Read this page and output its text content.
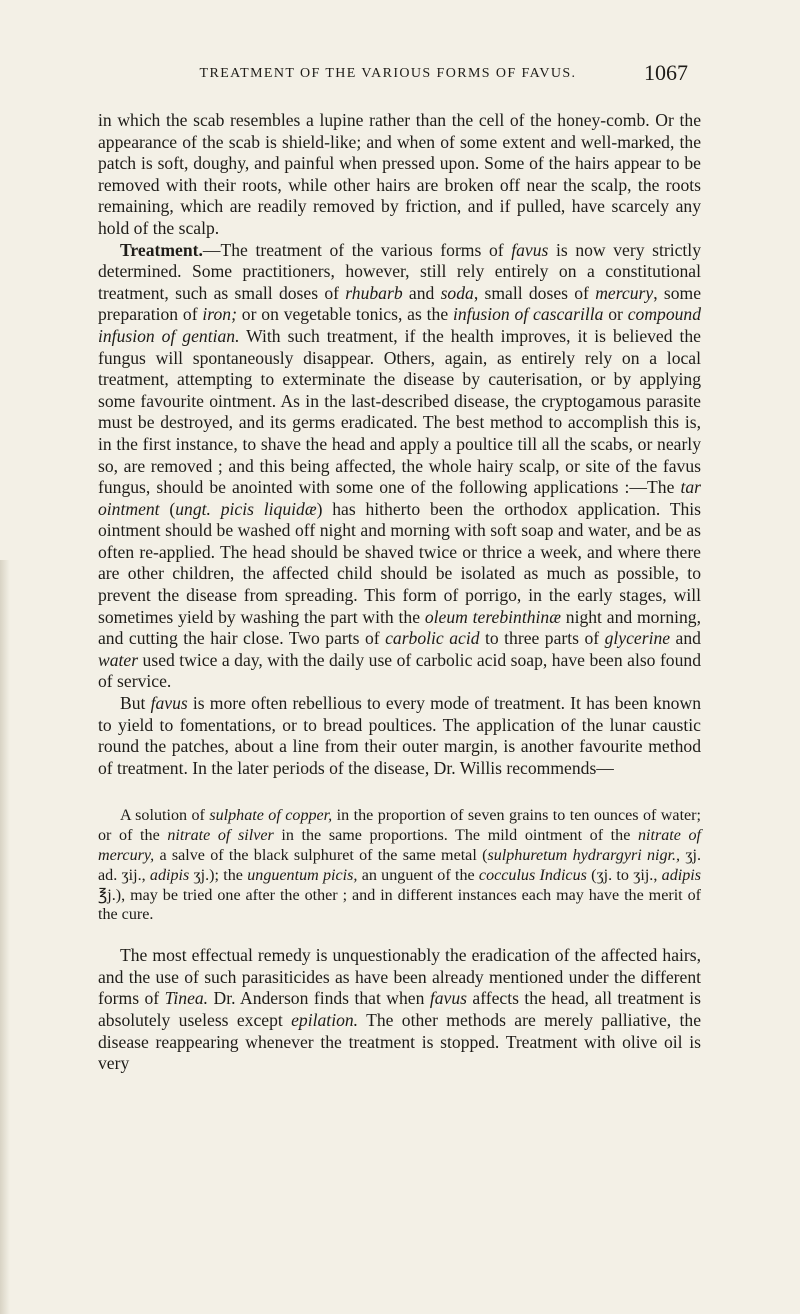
TREATMENT OF THE VARIOUS FORMS OF FAVUS.	1067

in which the scab resembles a lupine rather than the cell of the honey-comb. Or the appearance of the scab is shield-like; and when of some extent and well-marked, the patch is soft, doughy, and painful when pressed upon. Some of the hairs appear to be removed with their roots, while other hairs are broken off near the scalp, the roots remaining, which are readily removed by friction, and if pulled, have scarcely any hold of the scalp.

Treatment.—The treatment of the various forms of favus is now very strictly determined. Some practitioners, however, still rely entirely on a constitutional treatment, such as small doses of rhubarb and soda, small doses of mercury, some preparation of iron; or on vegetable tonics, as the infusion of cascarilla or compound infusion of gentian. With such treatment, if the health improves, it is believed the fungus will spontaneously disappear. Others, again, as entirely rely on a local treatment, attempting to exterminate the disease by cauterisation, or by applying some favourite ointment. As in the last-described disease, the cryptogamous parasite must be destroyed, and its germs eradicated. The best method to accomplish this is, in the first instance, to shave the head and apply a poultice till all the scabs, or nearly so, are removed ; and this being affected, the whole hairy scalp, or site of the favus fungus, should be anointed with some one of the following applications :—The tar ointment (ungt. picis liquidæ) has hitherto been the orthodox application. This ointment should be washed off night and morning with soft soap and water, and be as often re-applied. The head should be shaved twice or thrice a week, and where there are other children, the affected child should be isolated as much as possible, to prevent the disease from spreading. This form of porrigo, in the early stages, will sometimes yield by washing the part with the oleum terebinthinæ night and morning, and cutting the hair close. Two parts of carbolic acid to three parts of glycerine and water used twice a day, with the daily use of carbolic acid soap, have been also found of service.

But favus is more often rebellious to every mode of treatment. It has been known to yield to fomentations, or to bread poultices. The application of the lunar caustic round the patches, about a line from their outer margin, is another favourite method of treatment. In the later periods of the disease, Dr. Willis recommends—

A solution of sulphate of copper, in the proportion of seven grains to ten ounces of water; or of the nitrate of silver in the same proportions. The mild ointment of the nitrate of mercury, a salve of the black sulphuret of the same metal (sulphuretum hydrargyri nigr., ʒj. ad. ʒij., adipis ʒj.); the unguentum picis, an unguent of the cocculus Indicus (ʒj. to ʒij., adipis ℥j.), may be tried one after the other ; and in different instances each may have the merit of the cure.

The most effectual remedy is unquestionably the eradication of the affected hairs, and the use of such parasiticides as have been already mentioned under the different forms of Tinea. Dr. Anderson finds that when favus affects the head, all treatment is absolutely useless except epilation. The other methods are merely palliative, the disease reappearing whenever the treatment is stopped. Treatment with olive oil is very
